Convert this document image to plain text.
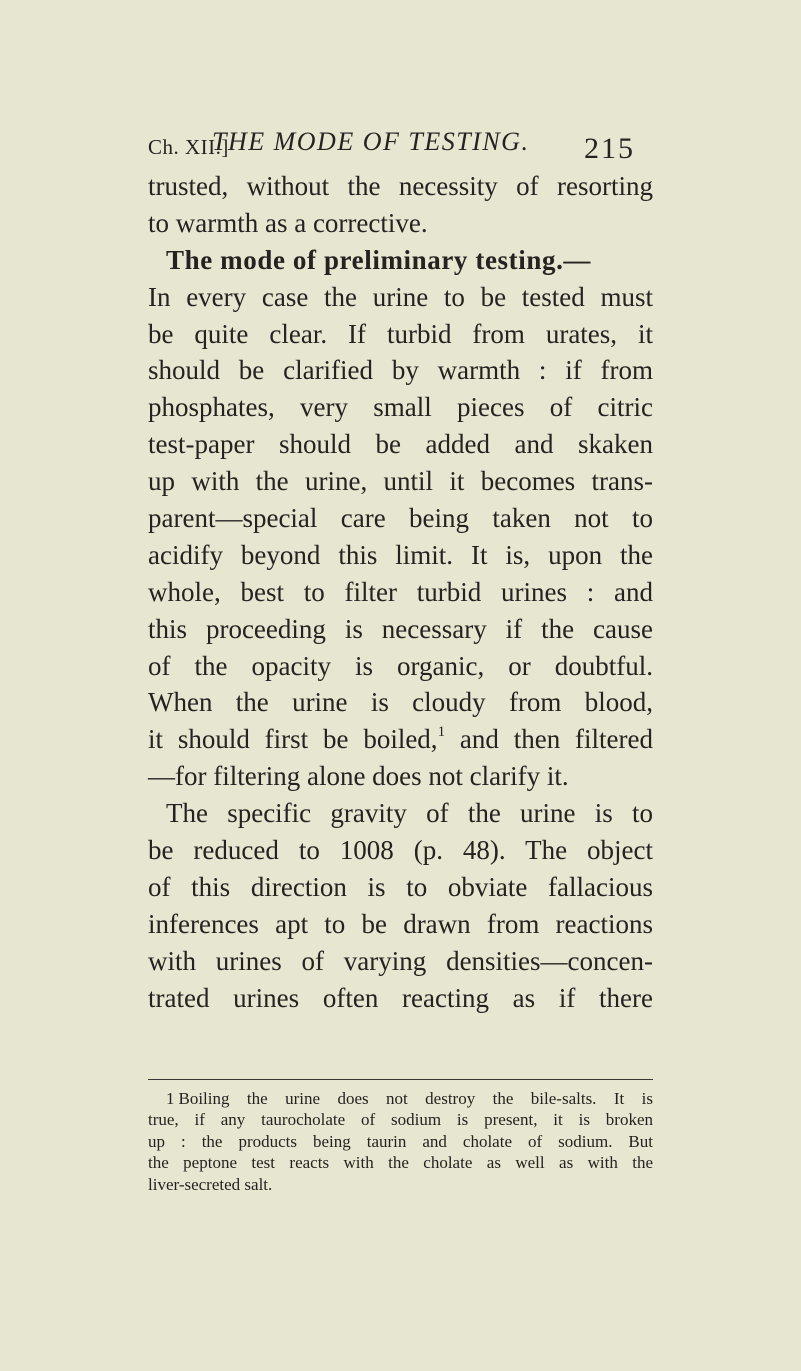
Ch. XII.]
THE MODE OF TESTING. 215
trusted, without the necessity of resorting
to warmth as a corrective.
The mode of preliminary testing.—
In every case the urine to be tested must
be quite clear. If turbid from urates, it
should be clarified by warmth : if from
phosphates, very small pieces of citric
test-paper should be added and skaken
up with the urine, until it becomes trans-
parent—special care being taken not to
acidify beyond this limit. It is, upon the
whole, best to filter turbid urines : and
this proceeding is necessary if the cause
of the opacity is organic, or doubtful.
When the urine is cloudy from blood,
it should first be boiled,$^1$ and then filtered
—for filtering alone does not clarify it.
The specific gravity of the urine is to
be reduced to 1008 (p. 48). The object
of this direction is to obviate fallacious
inferences apt to be drawn from reactions
with urines of varying densities—concen-
trated urines often reacting as if there
1 Boiling the urine does not destroy the bile-salts. It is
true, if any taurocholate of sodium is present, it is broken
up : the products being taurin and cholate of sodium. But
the peptone test reacts with the cholate as well as with the
liver-secreted salt.
